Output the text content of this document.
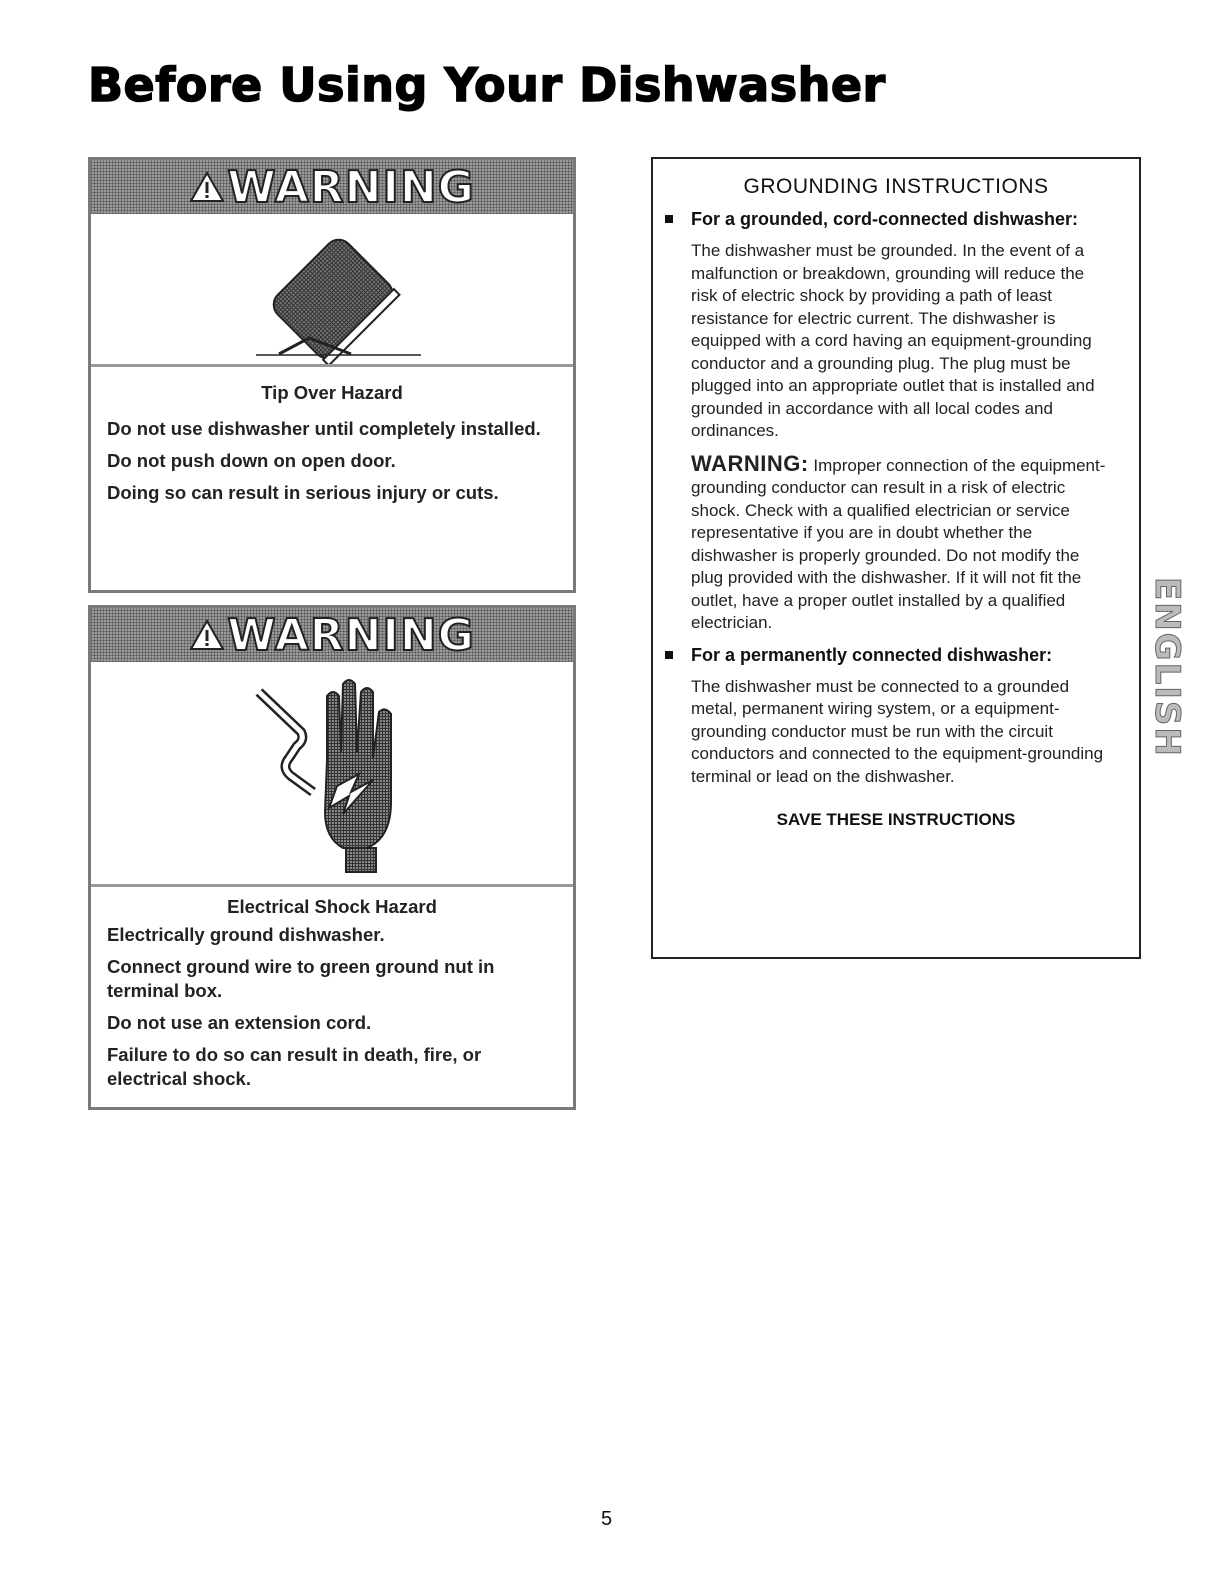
Before Using Your Dishwasher
WARNING
Tip Over Hazard

Do not use dishwasher until completely installed.

Do not push down on open door.

Doing so can result in serious injury or cuts.

WARNING
Electrical Shock Hazard

Electrically ground dishwasher.

Connect ground wire to green ground nut in terminal box.

Do not use an extension cord.

Failure to do so can result in death, fire, or electrical shock.

GROUNDING INSTRUCTIONS
For a grounded, cord-connected dishwasher:
The dishwasher must be grounded. In the event of a malfunction or breakdown, grounding will reduce the risk of electric shock by providing a path of least resistance for electric current. The dishwasher is equipped with a cord having an equipment-grounding conductor and a grounding plug. The plug must be plugged into an appropriate outlet that is installed and grounded in accordance with all local codes and ordinances.
WARNING: Improper connection of the equipment-grounding conductor can result in a risk of electric shock. Check with a qualified electrician or service representative if you are in doubt whether the dishwasher is properly grounded. Do not modify the plug provided with the dishwasher. If it will not fit the outlet, have a proper outlet installed by a qualified electrician.
For a permanently connected dishwasher:
The dishwasher must be connected to a grounded metal, permanent wiring system, or a equipment-grounding conductor must be run with the circuit conductors and connected to the equipment-grounding terminal or lead on the dishwasher.
SAVE THESE INSTRUCTIONS
ENGLISH
5
